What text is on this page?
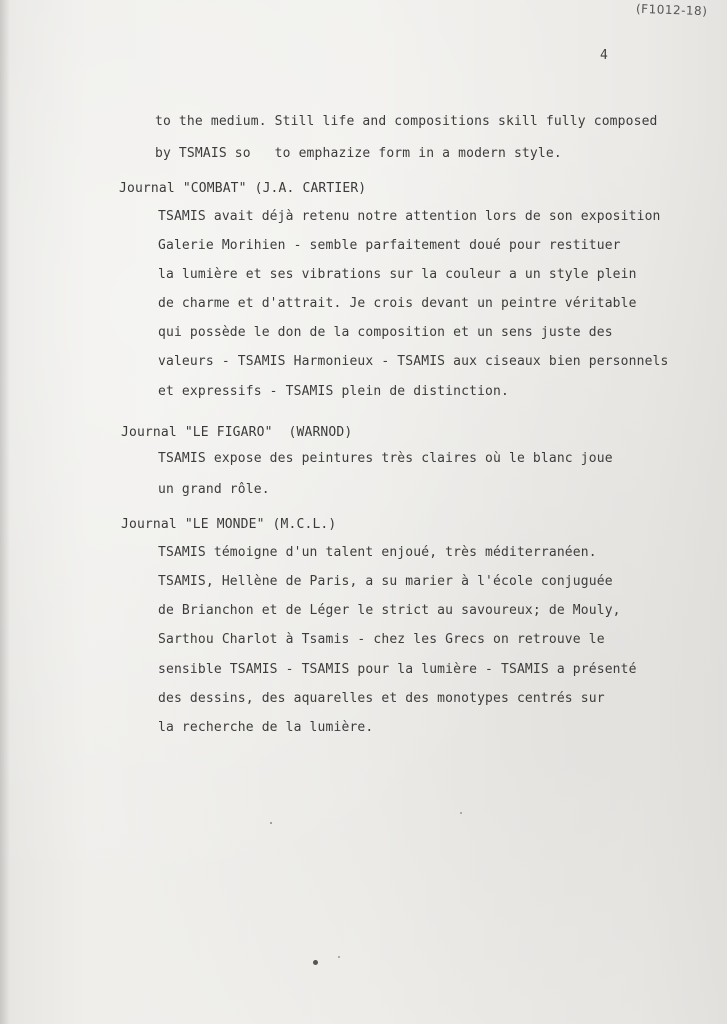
(F1012-18)
4
to the medium. Still life and compositions skill fully composed
by TSMAIS so   to emphazize form in a modern style.
Journal "COMBAT" (J.A. CARTIER)
TSAMIS avait déjà retenu notre attention lors de son exposition
Galerie Morihien - semble parfaitement doué pour restituer
la lumière et ses vibrations sur la couleur a un style plein
de charme et d'attrait. Je crois devant un peintre véritable
qui possède le don de la composition et un sens juste des
valeurs - TSAMIS Harmonieux - TSAMIS aux ciseaux bien personnels
et expressifs - TSAMIS plein de distinction.
Journal "LE FIGARO"  (WARNOD)
TSAMIS expose des peintures très claires où le blanc joue
un grand rôle.
Journal "LE MONDE" (M.C.L.)
TSAMIS témoigne d'un talent enjoué, très méditerranéen.
TSAMIS, Hellène de Paris, a su marier à l'école conjuguée
de Brianchon et de Léger le strict au savoureux; de Mouly,
Sarthou Charlot à Tsamis - chez les Grecs on retrouve le
sensible TSAMIS - TSAMIS pour la lumière - TSAMIS a présenté
des dessins, des aquarelles et des monotypes centrés sur
la recherche de la lumière.
